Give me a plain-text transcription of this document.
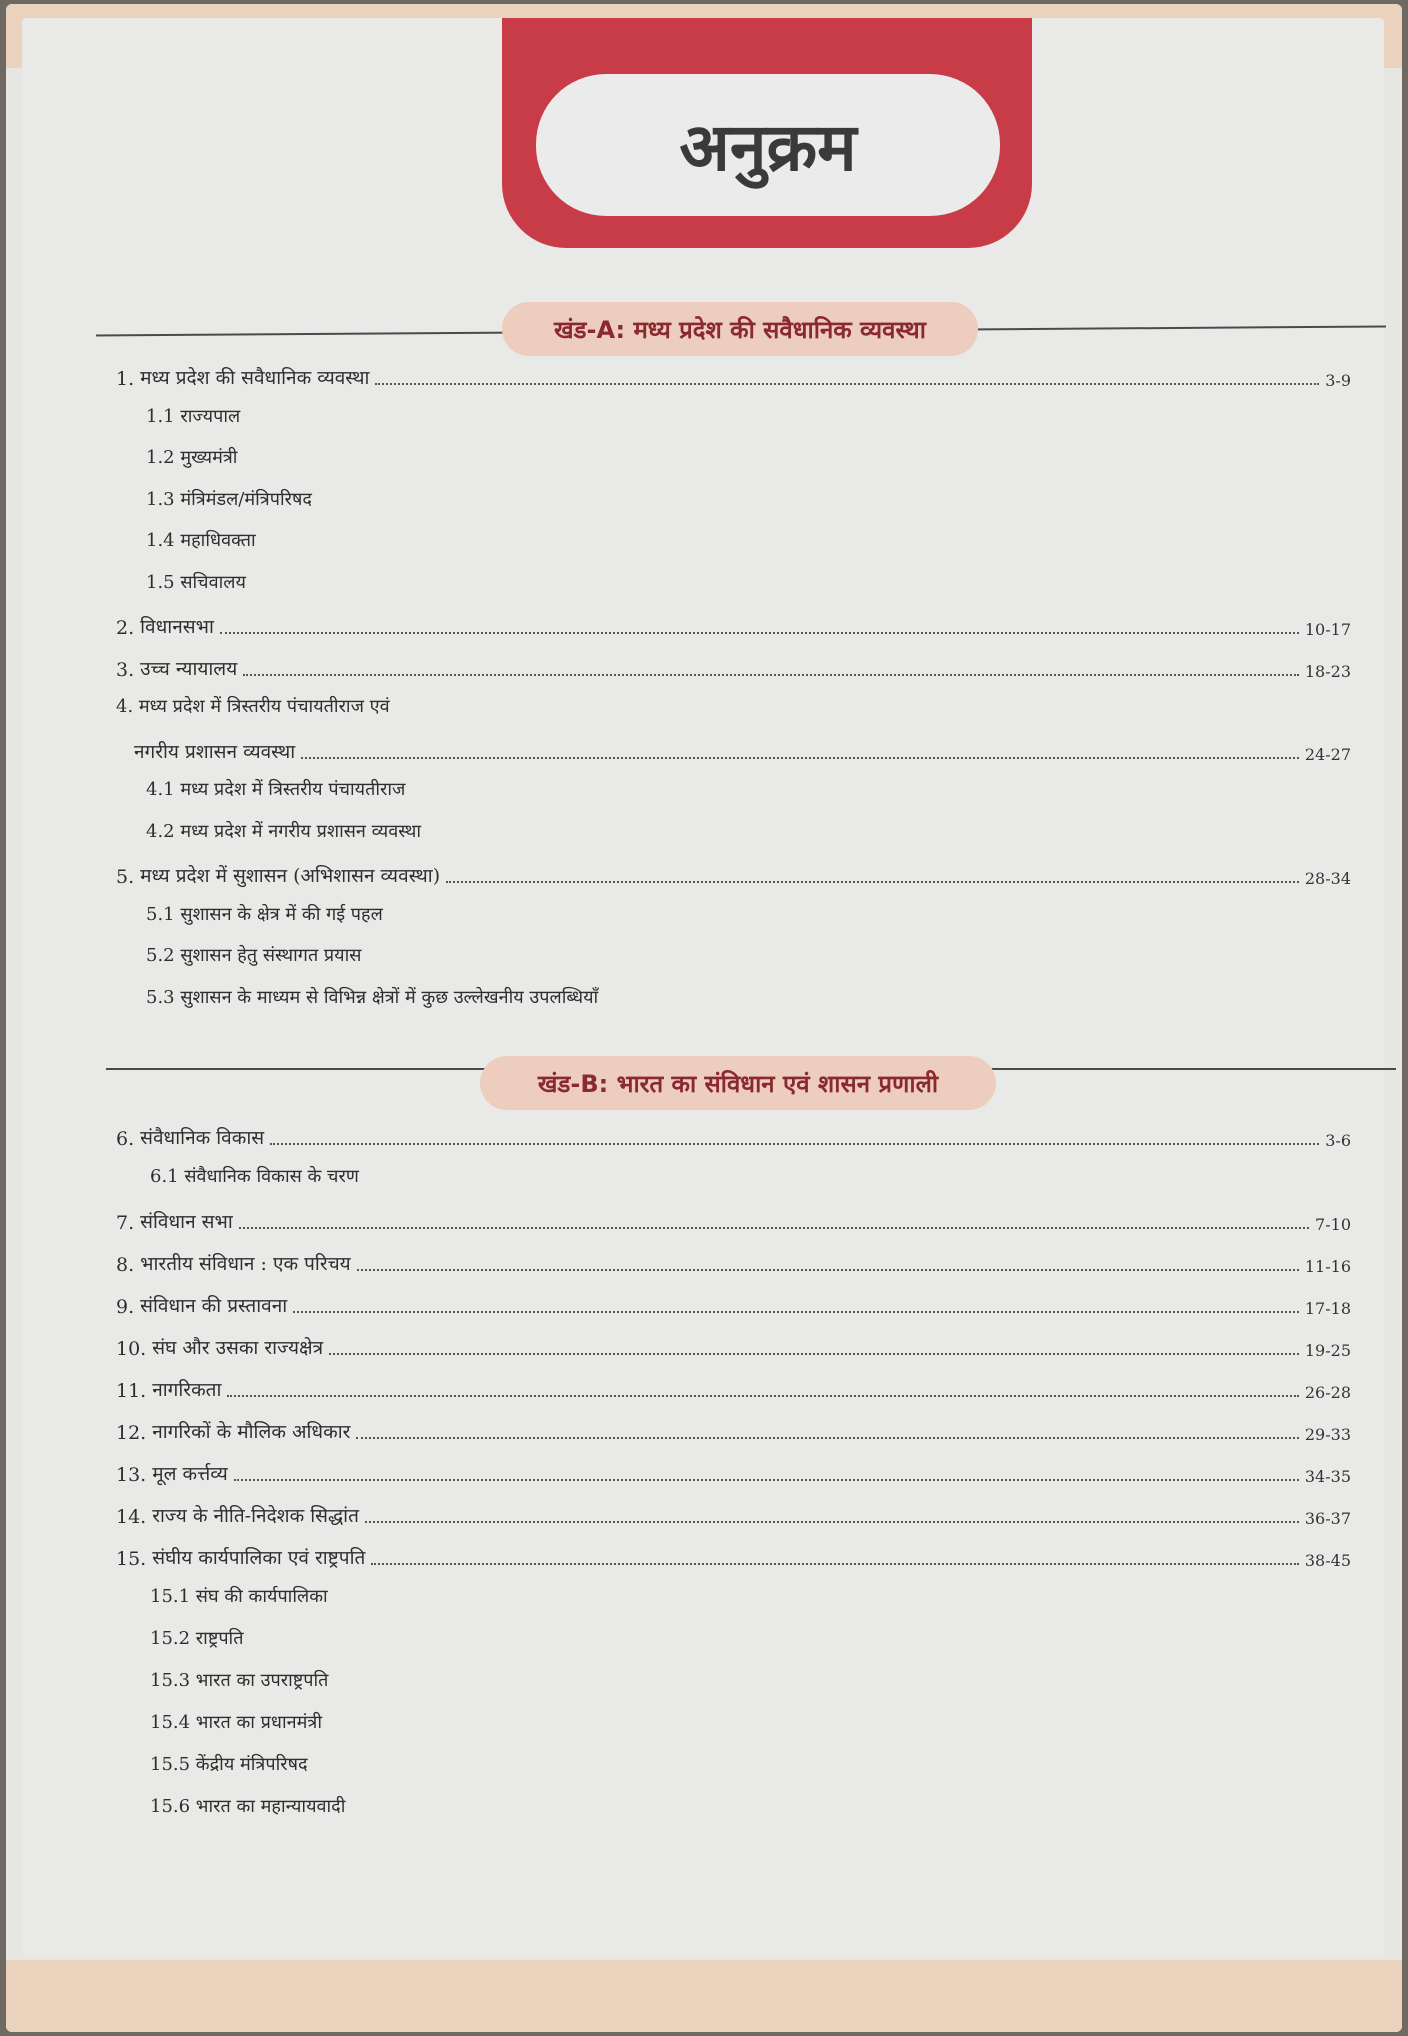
अनुक्रम
खंड-A: मध्य प्रदेश की सवैधानिक व्यवस्था
खंड-B: भारत का संविधान एवं शासन प्रणाली
1. मध्य प्रदेश की सवैधानिक व्यवस्था	3-9
1.1 राज्यपाल
1.2 मुख्यमंत्री
1.3 मंत्रिमंडल/मंत्रिपरिषद
1.4 महाधिवक्ता
1.5 सचिवालय
2. विधानसभा	10-17
3. उच्च न्यायालय	18-23
4. मध्य प्रदेश में त्रिस्तरीय पंचायतीराज एवं
नगरीय प्रशासन व्यवस्था	24-27
4.1 मध्य प्रदेश में त्रिस्तरीय पंचायतीराज
4.2 मध्य प्रदेश में नगरीय प्रशासन व्यवस्था
5. मध्य प्रदेश में सुशासन (अभिशासन व्यवस्था)	28-34
5.1 सुशासन के क्षेत्र में की गई पहल
5.2 सुशासन हेतु संस्थागत प्रयास
5.3 सुशासन के माध्यम से विभिन्न क्षेत्रों में कुछ उल्लेखनीय उपलब्धियाँ
6. संवैधानिक विकास	3-6
6.1 संवैधानिक विकास के चरण
7. संविधान सभा	7-10
8. भारतीय संविधान : एक परिचय	11-16
9. संविधान की प्रस्तावना	17-18
10. संघ और उसका राज्यक्षेत्र	19-25
11. नागरिकता	26-28
12. नागरिकों के मौलिक अधिकार	29-33
13. मूल कर्त्तव्य	34-35
14. राज्य के नीति-निदेशक सिद्धांत	36-37
15. संघीय कार्यपालिका एवं राष्ट्रपति	38-45
15.1 संघ की कार्यपालिका
15.2 राष्ट्रपति
15.3 भारत का उपराष्ट्रपति
15.4 भारत का प्रधानमंत्री
15.5 केंद्रीय मंत्रिपरिषद
15.6 भारत का महान्यायवादी
